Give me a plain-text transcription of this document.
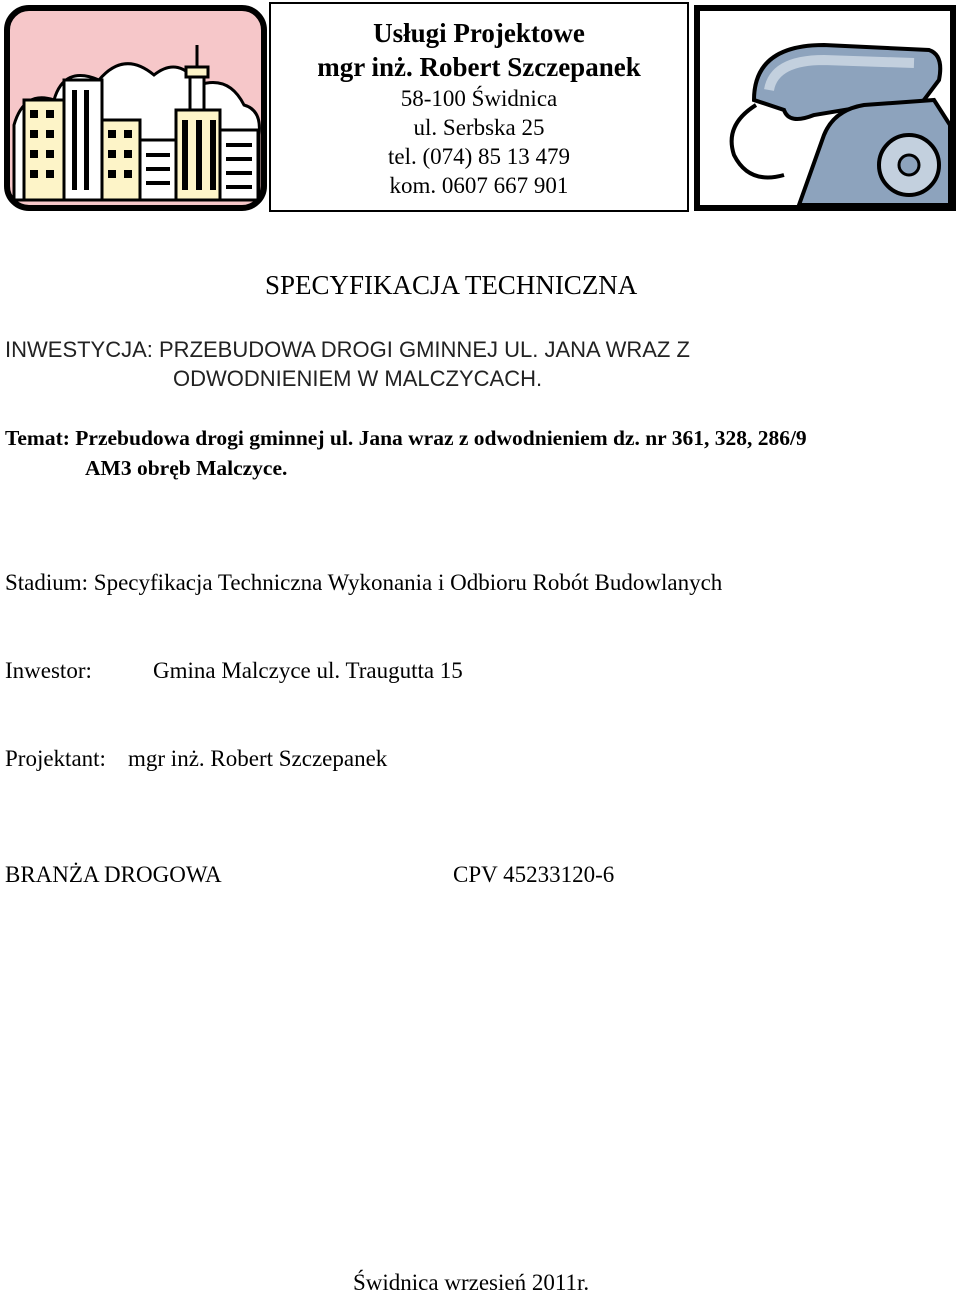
Usługi Projektowe
mgr inż. Robert Szczepanek
58-100 Świdnica
ul. Serbska 25
tel. (074) 85 13 479
kom. 0607 667 901
SPECYFIKACJA TECHNICZNA
INWESTYCJA: PRZEBUDOWA DROGI GMINNEJ UL. JANA WRAZ Z
ODWODNIENIEM W MALCZYCACH.
Temat: Przebudowa drogi gminnej ul. Jana wraz z odwodnieniem dz. nr 361, 328, 286/9
AM3 obręb Malczyce.
Stadium: Specyfikacja Techniczna Wykonania i Odbioru Robót Budowlanych
Inwestor:	Gmina Malczyce ul. Traugutta 15
Projektant: mgr inż. Robert Szczepanek
BRANŻA DROGOWA	CPV 45233120-6
Świdnica wrzesień 2011r.
